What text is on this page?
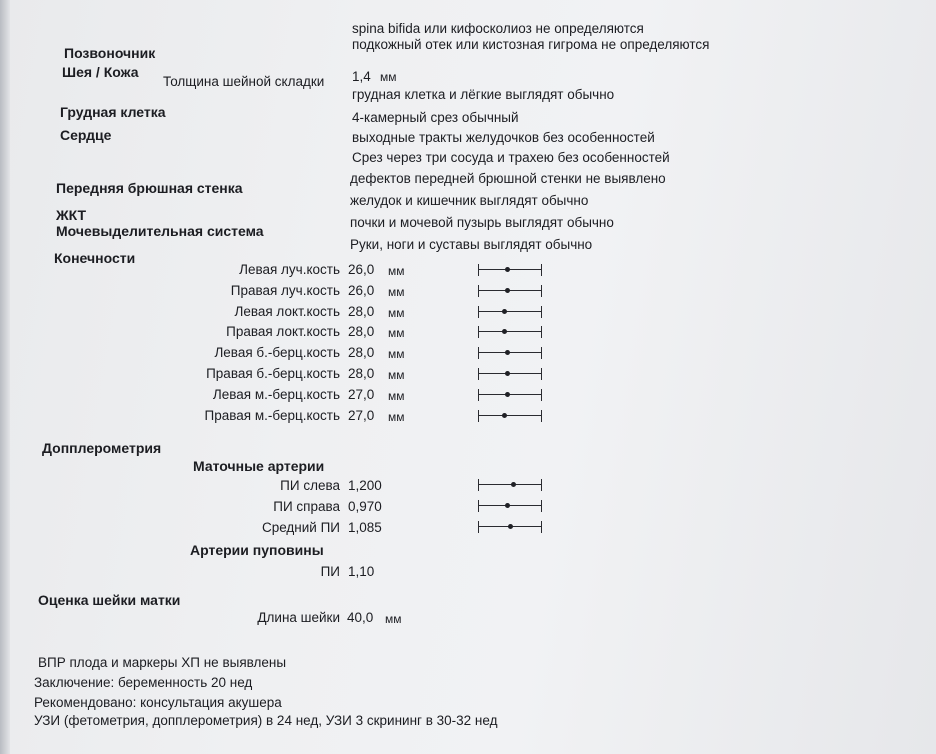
Позвоночник
spina bifida или кифосколиоз не определяются
Шея / Кожа
подкожный отек или кистозная гигрома не определяются
Толщина шейной складки 1,4 мм
Грудная клетка
грудная клетка и лёгкие выглядят обычно
Сердце
4-камерный срез обычный
выходные тракты желудочков без особенностей
Срез через три сосуда и трахею без особенностей
Передняя брюшная стенка
дефектов передней брюшной стенки не выявлено
ЖКТ
желудок и кишечник выглядят обычно
Мочевыделительная система
почки и мочевой пузырь выглядят обычно
Конечности
Руки, ноги и суставы выглядят обычно
Левая луч.кость 26,0 мм
Правая луч.кость 26,0 мм
Левая локт.кость 28,0 мм
Правая локт.кость 28,0 мм
Левая б.-берц.кость 28,0 мм
Правая б.-берц.кость 28,0 мм
Левая м.-берц.кость 27,0 мм
Правая м.-берц.кость 27,0 мм
Допплерометрия
Маточные артерии
ПИ слева 1,200
ПИ справа 0,970
Средний ПИ 1,085
Артерии пуповины
ПИ 1,10
Оценка шейки матки
Длина шейки 40,0 мм
ВПР плода и маркеры ХП не выявлены
Заключение: беременность 20 нед
Рекомендовано: консультация акушера
УЗИ (фетометрия, допплерометрия) в 24 нед, УЗИ 3 скрининг в 30-32 нед
